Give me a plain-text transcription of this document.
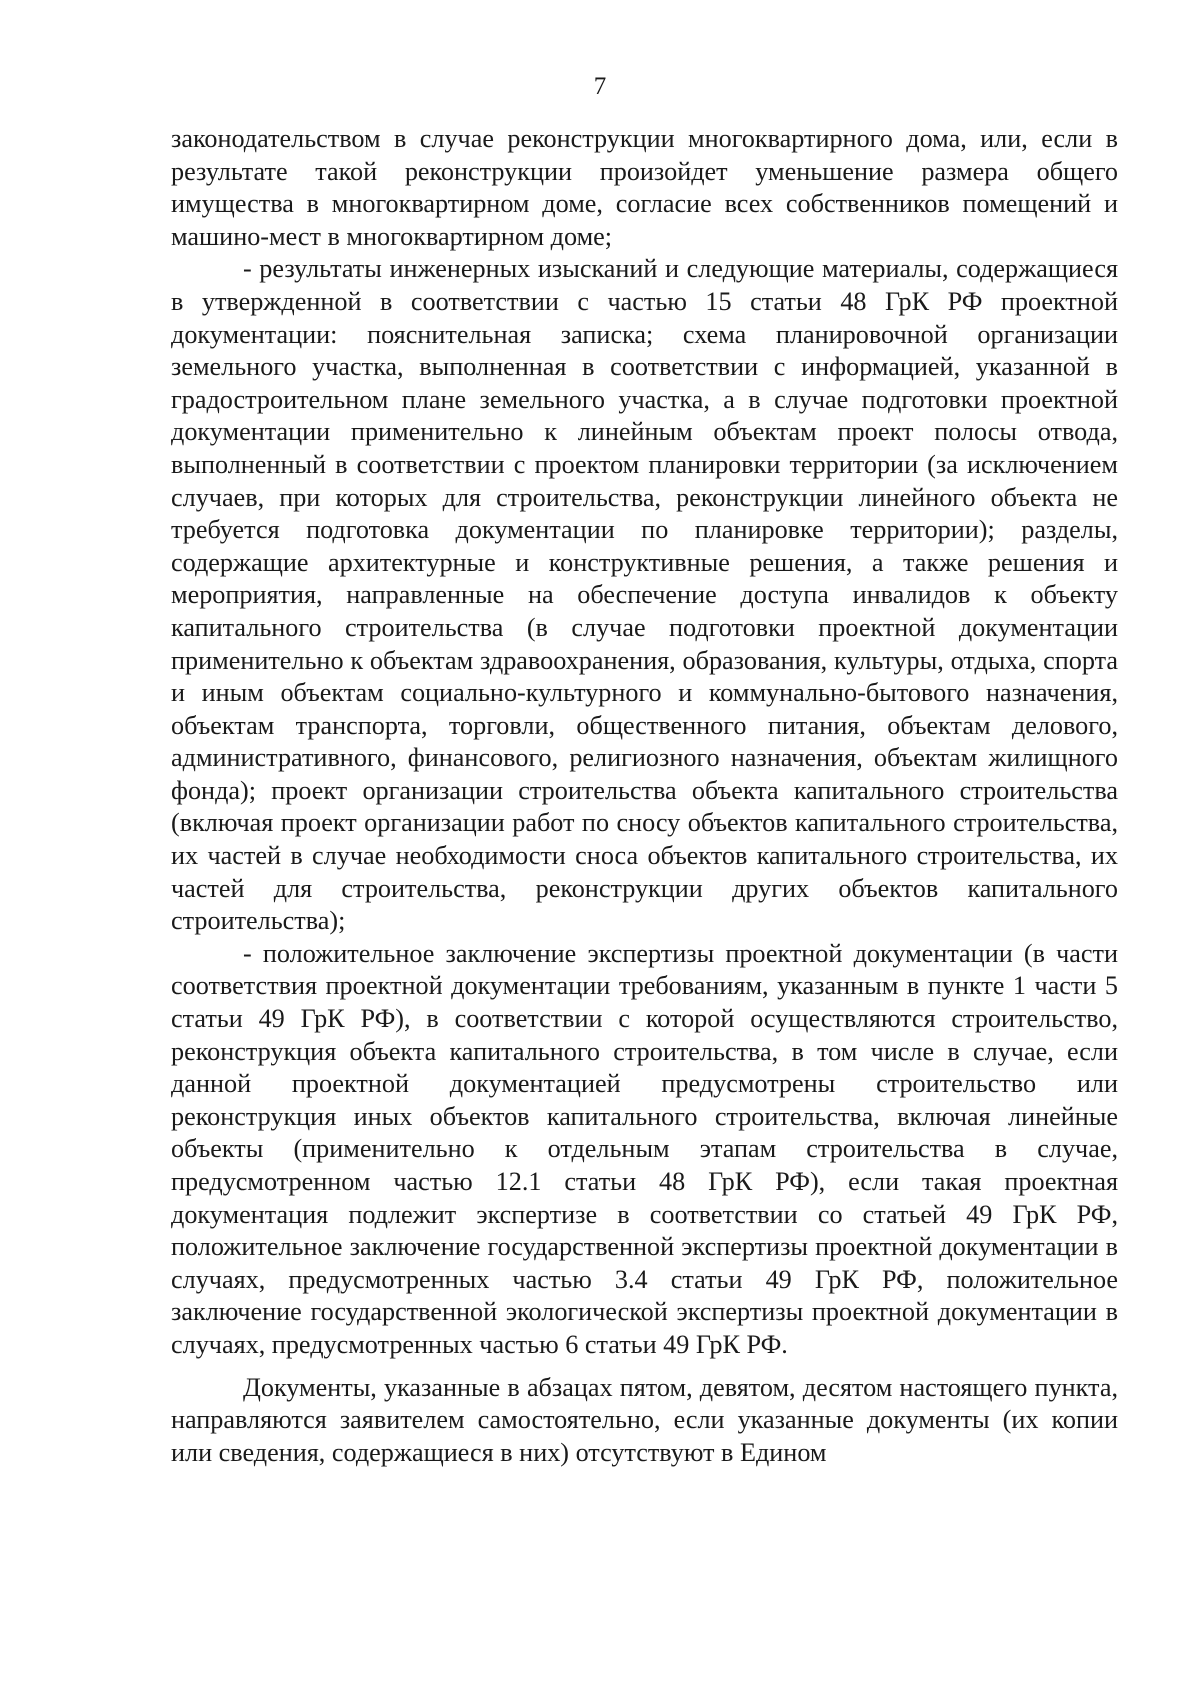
7

законодательством в случае реконструкции многоквартирного дома, или, если в результате такой реконструкции произойдет уменьшение размера общего имущества в многоквартирном доме, согласие всех собственников помещений и машино-мест в многоквартирном доме;

- результаты инженерных изысканий и следующие материалы, содержащиеся в утвержденной в соответствии с частью 15 статьи 48 ГрК РФ проектной документации: пояснительная записка; схема планировочной организации земельного участка, выполненная в соответствии с информацией, указанной в градостроительном плане земельного участка, а в случае подготовки проектной документации применительно к линейным объектам проект полосы отвода, выполненный в соответствии с проектом планировки территории (за исключением случаев, при которых для строительства, реконструкции линейного объекта не требуется подготовка документации по планировке территории); разделы, содержащие архитектурные и конструктивные решения, а также решения и мероприятия, направленные на обеспечение доступа инвалидов к объекту капитального строительства (в случае подготовки проектной документации применительно к объектам здравоохранения, образования, культуры, отдыха, спорта и иным объектам социально-культурного и коммунально-бытового назначения, объектам транспорта, торговли, общественного питания, объектам делового, административного, финансового, религиозного назначения, объектам жилищного фонда); проект организации строительства объекта капитального строительства (включая проект организации работ по сносу объектов капитального строительства, их частей в случае необходимости сноса объектов капитального строительства, их частей для строительства, реконструкции других объектов капитального строительства);

- положительное заключение экспертизы проектной документации (в части соответствия проектной документации требованиям, указанным в пункте 1 части 5 статьи 49 ГрК РФ), в соответствии с которой осуществляются строительство, реконструкция объекта капитального строительства, в том числе в случае, если данной проектной документацией предусмотрены строительство или реконструкция иных объектов капитального строительства, включая линейные объекты (применительно к отдельным этапам строительства в случае, предусмотренном частью 12.1 статьи 48 ГрК РФ), если такая проектная документация подлежит экспертизе в соответствии со статьей 49 ГрК РФ, положительное заключение государственной экспертизы проектной документации в случаях, предусмотренных частью 3.4 статьи 49 ГрК РФ, положительное заключение государственной экологической экспертизы проектной документации в случаях, предусмотренных частью 6 статьи 49 ГрК РФ.

Документы, указанные в абзацах пятом, девятом, десятом настоящего пункта, направляются заявителем самостоятельно, если указанные документы (их копии или сведения, содержащиеся в них) отсутствуют в Едином
